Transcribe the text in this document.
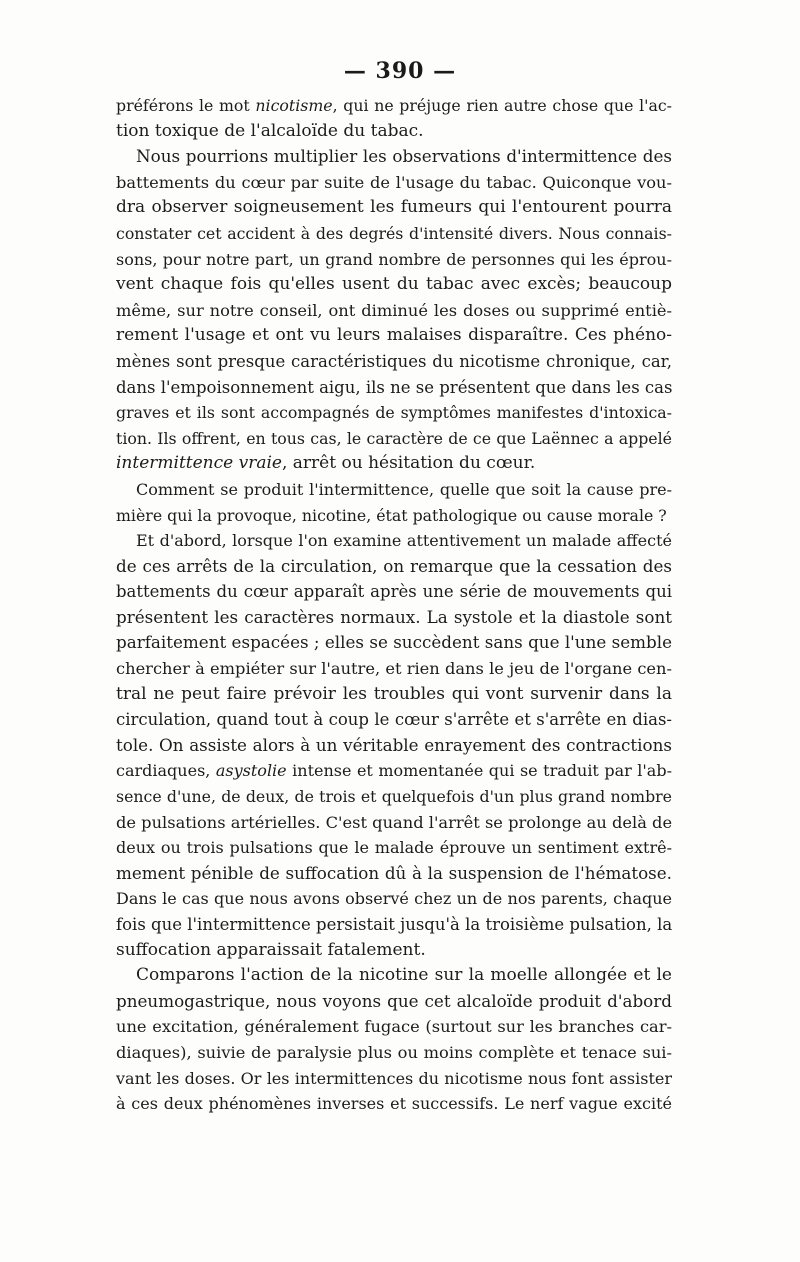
— 390 —
préférons le mot nicotisme, qui ne préjuge rien autre chose que l'ac-
tion toxique de l'alcaloïde du tabac.
Nous pourrions multiplier les observations d'intermittence des
battements du cœur par suite de l'usage du tabac. Quiconque vou-
dra observer soigneusement les fumeurs qui l'entourent pourra
constater cet accident à des degrés d'intensité divers. Nous connais-
sons, pour notre part, un grand nombre de personnes qui les éprou-
vent chaque fois qu'elles usent du tabac avec excès; beaucoup
même, sur notre conseil, ont diminué les doses ou supprimé entiè-
rement l'usage et ont vu leurs malaises disparaître. Ces phéno-
mènes sont presque caractéristiques du nicotisme chronique, car,
dans l'empoisonnement aigu, ils ne se présentent que dans les cas
graves et ils sont accompagnés de symptômes manifestes d'intoxica-
tion. Ils offrent, en tous cas, le caractère de ce que Laënnec a appelé
intermittence vraie, arrêt ou hésitation du cœur.
Comment se produit l'intermittence, quelle que soit la cause pre-
mière qui la provoque, nicotine, état pathologique ou cause morale ?
Et d'abord, lorsque l'on examine attentivement un malade affecté
de ces arrêts de la circulation, on remarque que la cessation des
battements du cœur apparaît après une série de mouvements qui
présentent les caractères normaux. La systole et la diastole sont
parfaitement espacées ; elles se succèdent sans que l'une semble
chercher à empiéter sur l'autre, et rien dans le jeu de l'organe cen-
tral ne peut faire prévoir les troubles qui vont survenir dans la
circulation, quand tout à coup le cœur s'arrête et s'arrête en dias-
tole. On assiste alors à un véritable enrayement des contractions
cardiaques, asystolie intense et momentanée qui se traduit par l'ab-
sence d'une, de deux, de trois et quelquefois d'un plus grand nombre
de pulsations artérielles. C'est quand l'arrêt se prolonge au delà de
deux ou trois pulsations que le malade éprouve un sentiment extrê-
mement pénible de suffocation dû à la suspension de l'hématose.
Dans le cas que nous avons observé chez un de nos parents, chaque
fois que l'intermittence persistait jusqu'à la troisième pulsation, la
suffocation apparaissait fatalement.
Comparons l'action de la nicotine sur la moelle allongée et le
pneumogastrique, nous voyons que cet alcaloïde produit d'abord
une excitation, généralement fugace (surtout sur les branches car-
diaques), suivie de paralysie plus ou moins complète et tenace sui-
vant les doses. Or les intermittences du nicotisme nous font assister
à ces deux phénomènes inverses et successifs. Le nerf vague excité
